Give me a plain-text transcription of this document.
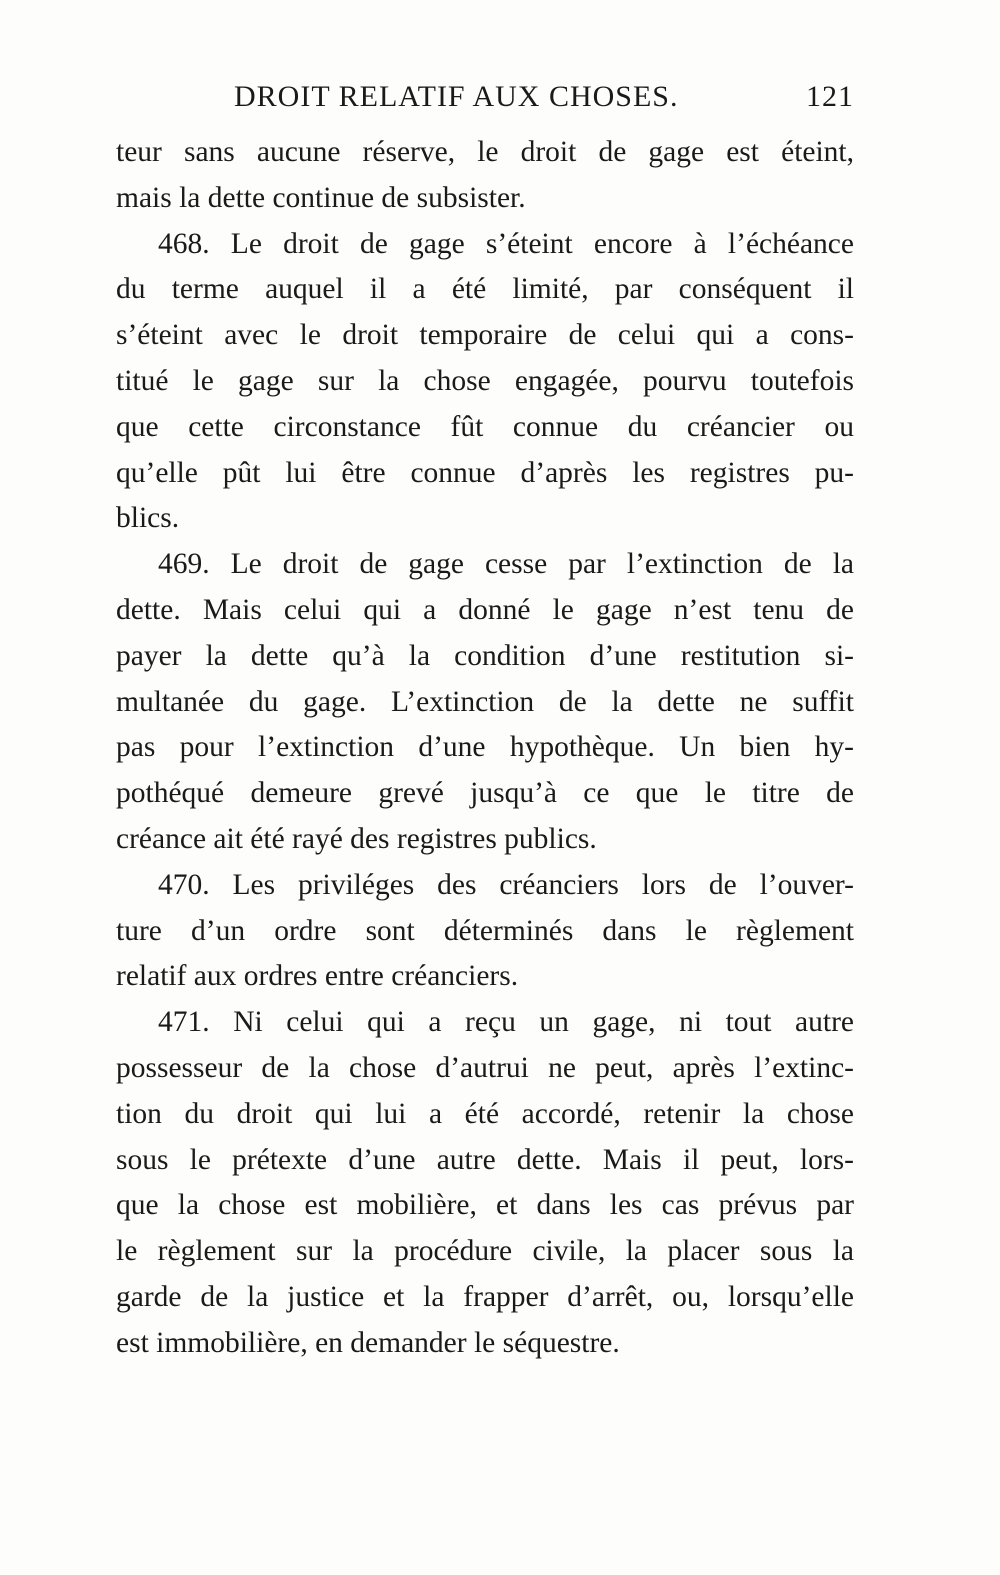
DROIT RELATIF AUX CHOSES.	121
teur sans aucune réserve, le droit de gage est éteint,
mais la dette continue de subsister.
468. Le droit de gage s’éteint encore à l’échéance
du terme auquel il a été limité, par conséquent il
s’éteint avec le droit temporaire de celui qui a cons-
titué le gage sur la chose engagée, pourvu toutefois
que cette circonstance fût connue du créancier ou
qu’elle pût lui être connue d’après les registres pu-
blics.
469. Le droit de gage cesse par l’extinction de la
dette. Mais celui qui a donné le gage n’est tenu de
payer la dette qu’à la condition d’une restitution si-
multanée du gage. L’extinction de la dette ne suffit
pas pour l’extinction d’une hypothèque. Un bien hy-
pothéqué demeure grevé jusqu’à ce que le titre de
créance ait été rayé des registres publics.
470. Les priviléges des créanciers lors de l’ouver-
ture d’un ordre sont déterminés dans le règlement
relatif aux ordres entre créanciers.
471. Ni celui qui a reçu un gage, ni tout autre
possesseur de la chose d’autrui ne peut, après l’extinc-
tion du droit qui lui a été accordé, retenir la chose
sous le prétexte d’une autre dette. Mais il peut, lors-
que la chose est mobilière, et dans les cas prévus par
le règlement sur la procédure civile, la placer sous la
garde de la justice et la frapper d’arrêt, ou, lorsqu’elle
est immobilière, en demander le séquestre.
